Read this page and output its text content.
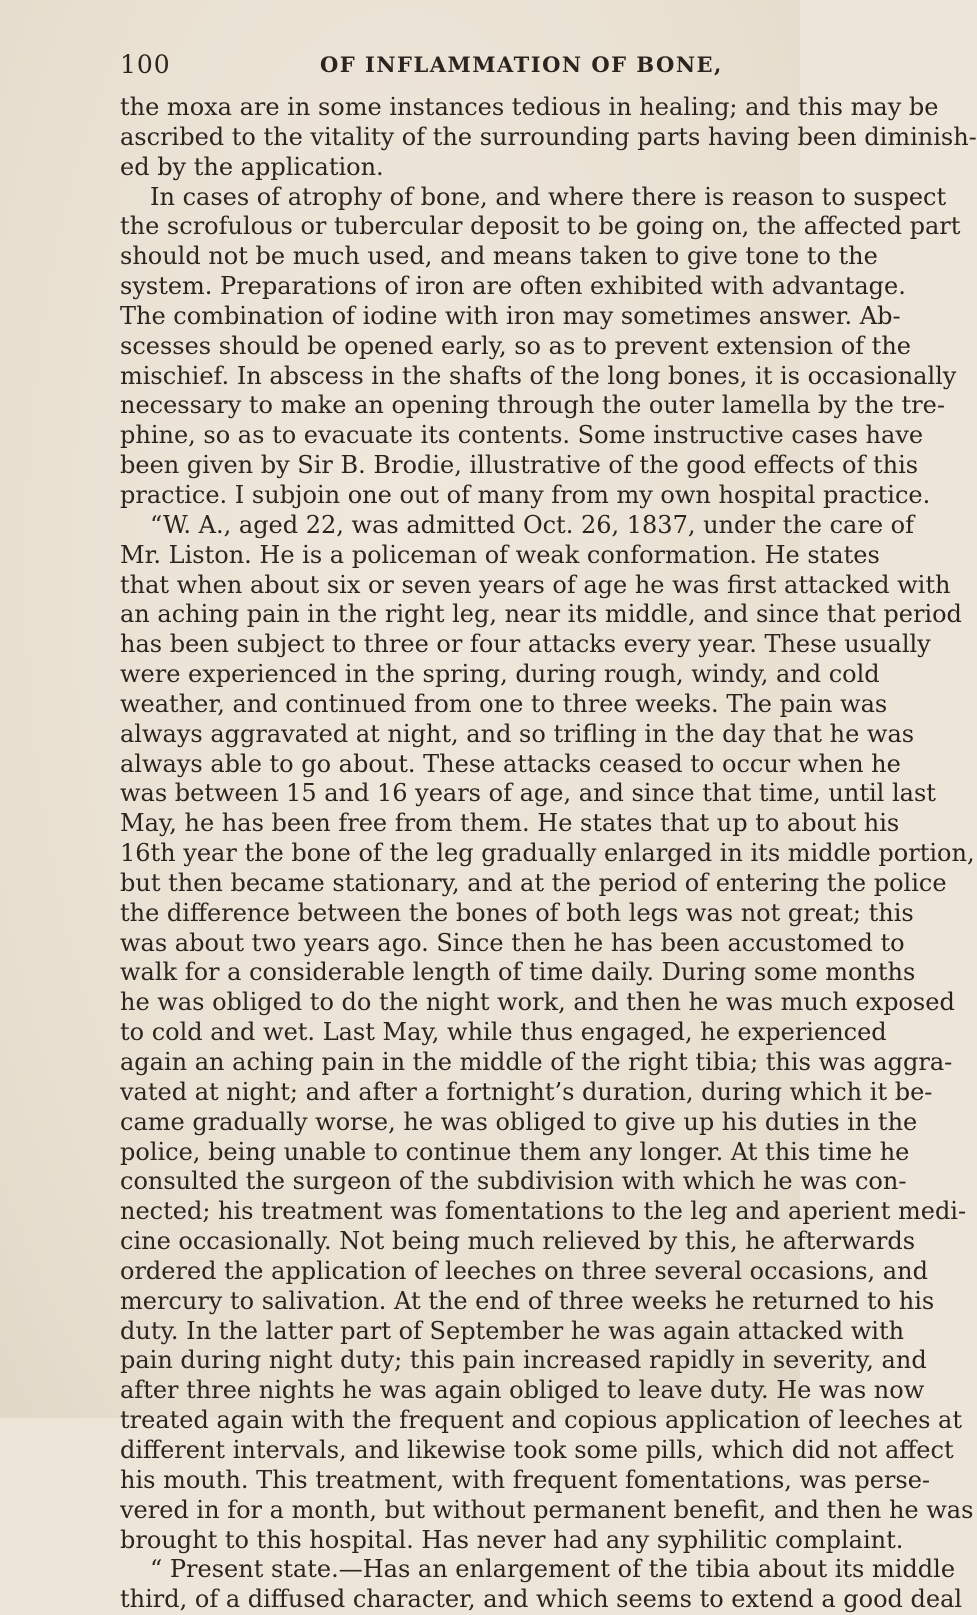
100	OF INFLAMMATION OF BONE,
the moxa are in some instances tedious in healing; and this may be
ascribed to the vitality of the surrounding parts having been diminish-
ed by the application.
In cases of atrophy of bone, and where there is reason to suspect
the scrofulous or tubercular deposit to be going on, the affected part
should not be much used, and means taken to give tone to the
system. Preparations of iron are often exhibited with advantage.
The combination of iodine with iron may sometimes answer. Ab-
scesses should be opened early, so as to prevent extension of the
mischief. In abscess in the shafts of the long bones, it is occasionally
necessary to make an opening through the outer lamella by the tre-
phine, so as to evacuate its contents. Some instructive cases have
been given by Sir B. Brodie, illustrative of the good effects of this
practice. I subjoin one out of many from my own hospital practice.
“W. A., aged 22, was admitted Oct. 26, 1837, under the care of
Mr. Liston. He is a policeman of weak conformation. He states
that when about six or seven years of age he was first attacked with
an aching pain in the right leg, near its middle, and since that period
has been subject to three or four attacks every year. These usually
were experienced in the spring, during rough, windy, and cold
weather, and continued from one to three weeks. The pain was
always aggravated at night, and so trifling in the day that he was
always able to go about. These attacks ceased to occur when he
was between 15 and 16 years of age, and since that time, until last
May, he has been free from them. He states that up to about his
16th year the bone of the leg gradually enlarged in its middle portion,
but then became stationary, and at the period of entering the police
the difference between the bones of both legs was not great; this
was about two years ago. Since then he has been accustomed to
walk for a considerable length of time daily. During some months
he was obliged to do the night work, and then he was much exposed
to cold and wet. Last May, while thus engaged, he experienced
again an aching pain in the middle of the right tibia; this was aggra-
vated at night; and after a fortnight’s duration, during which it be-
came gradually worse, he was obliged to give up his duties in the
police, being unable to continue them any longer. At this time he
consulted the surgeon of the subdivision with which he was con-
nected; his treatment was fomentations to the leg and aperient medi-
cine occasionally. Not being much relieved by this, he afterwards
ordered the application of leeches on three several occasions, and
mercury to salivation. At the end of three weeks he returned to his
duty. In the latter part of September he was again attacked with
pain during night duty; this pain increased rapidly in severity, and
after three nights he was again obliged to leave duty. He was now
treated again with the frequent and copious application of leeches at
different intervals, and likewise took some pills, which did not affect
his mouth. This treatment, with frequent fomentations, was perse-
vered in for a month, but without permanent benefit, and then he was
brought to this hospital. Has never had any syphilitic complaint.
“ Present state.—Has an enlargement of the tibia about its middle
third, of a diffused character, and which seems to extend a good deal
